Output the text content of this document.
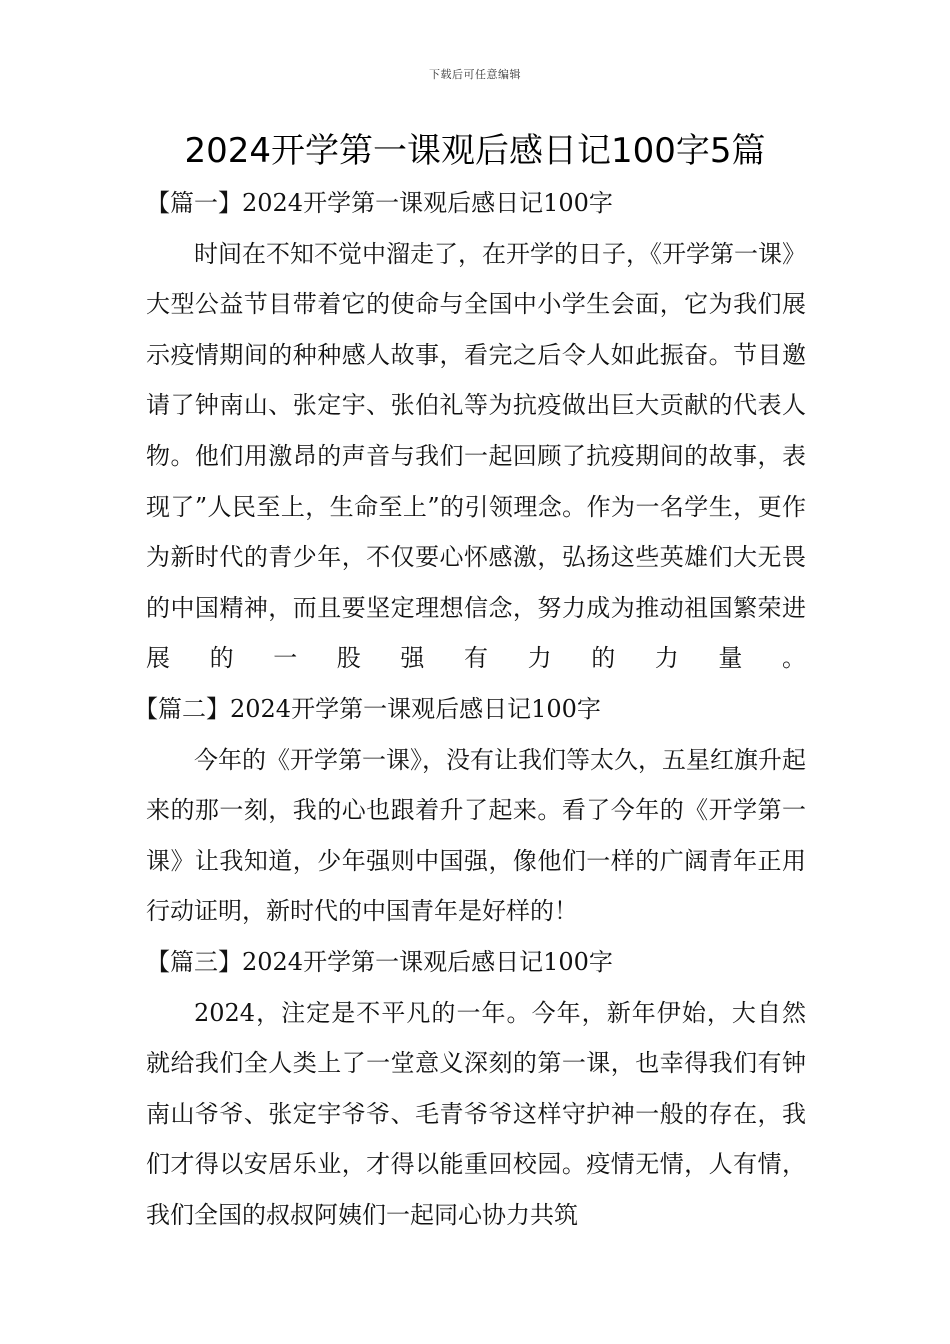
下载后可任意编辑
2024开学第一课观后感日记100字5篇

【篇一】2024开学第一课观后感日记100字

时间在不知不觉中溜走了，在开学的日子，《开学第一课》大型公益节目带着它的使命与全国中小学生会面，它为我们展示疫情期间的种种感人故事，看完之后令人如此振奋。节目邀请了钟南山、张定宇、张伯礼等为抗疫做出巨大贡献的代表人物。他们用激昂的声音与我们一起回顾了抗疫期间的故事，表现了”人民至上，生命至上”的引领理念。作为一名学生，更作为新时代的青少年，不仅要心怀感激，弘扬这些英雄们大无畏的中国精神，而且要坚定理想信念，努力成为推动祖国繁荣进展的一股强有力的力量。【篇二】2024开学第一课观后感日记100字

今年的《开学第一课》，没有让我们等太久，五星红旗升起来的那一刻，我的心也跟着升了起来。看了今年的《开学第一课》让我知道，少年强则中国强，像他们一样的广阔青年正用行动证明，新时代的中国青年是好样的！

【篇三】2024开学第一课观后感日记100字

2024，注定是不平凡的一年。今年，新年伊始，大自然就给我们全人类上了一堂意义深刻的第一课，也幸得我们有钟南山爷爷、张定宇爷爷、毛青爷爷这样守护神一般的存在，我们才得以安居乐业，才得以能重回校园。疫情无情，人有情，我们全国的叔叔阿姨们一起同心协力共筑
